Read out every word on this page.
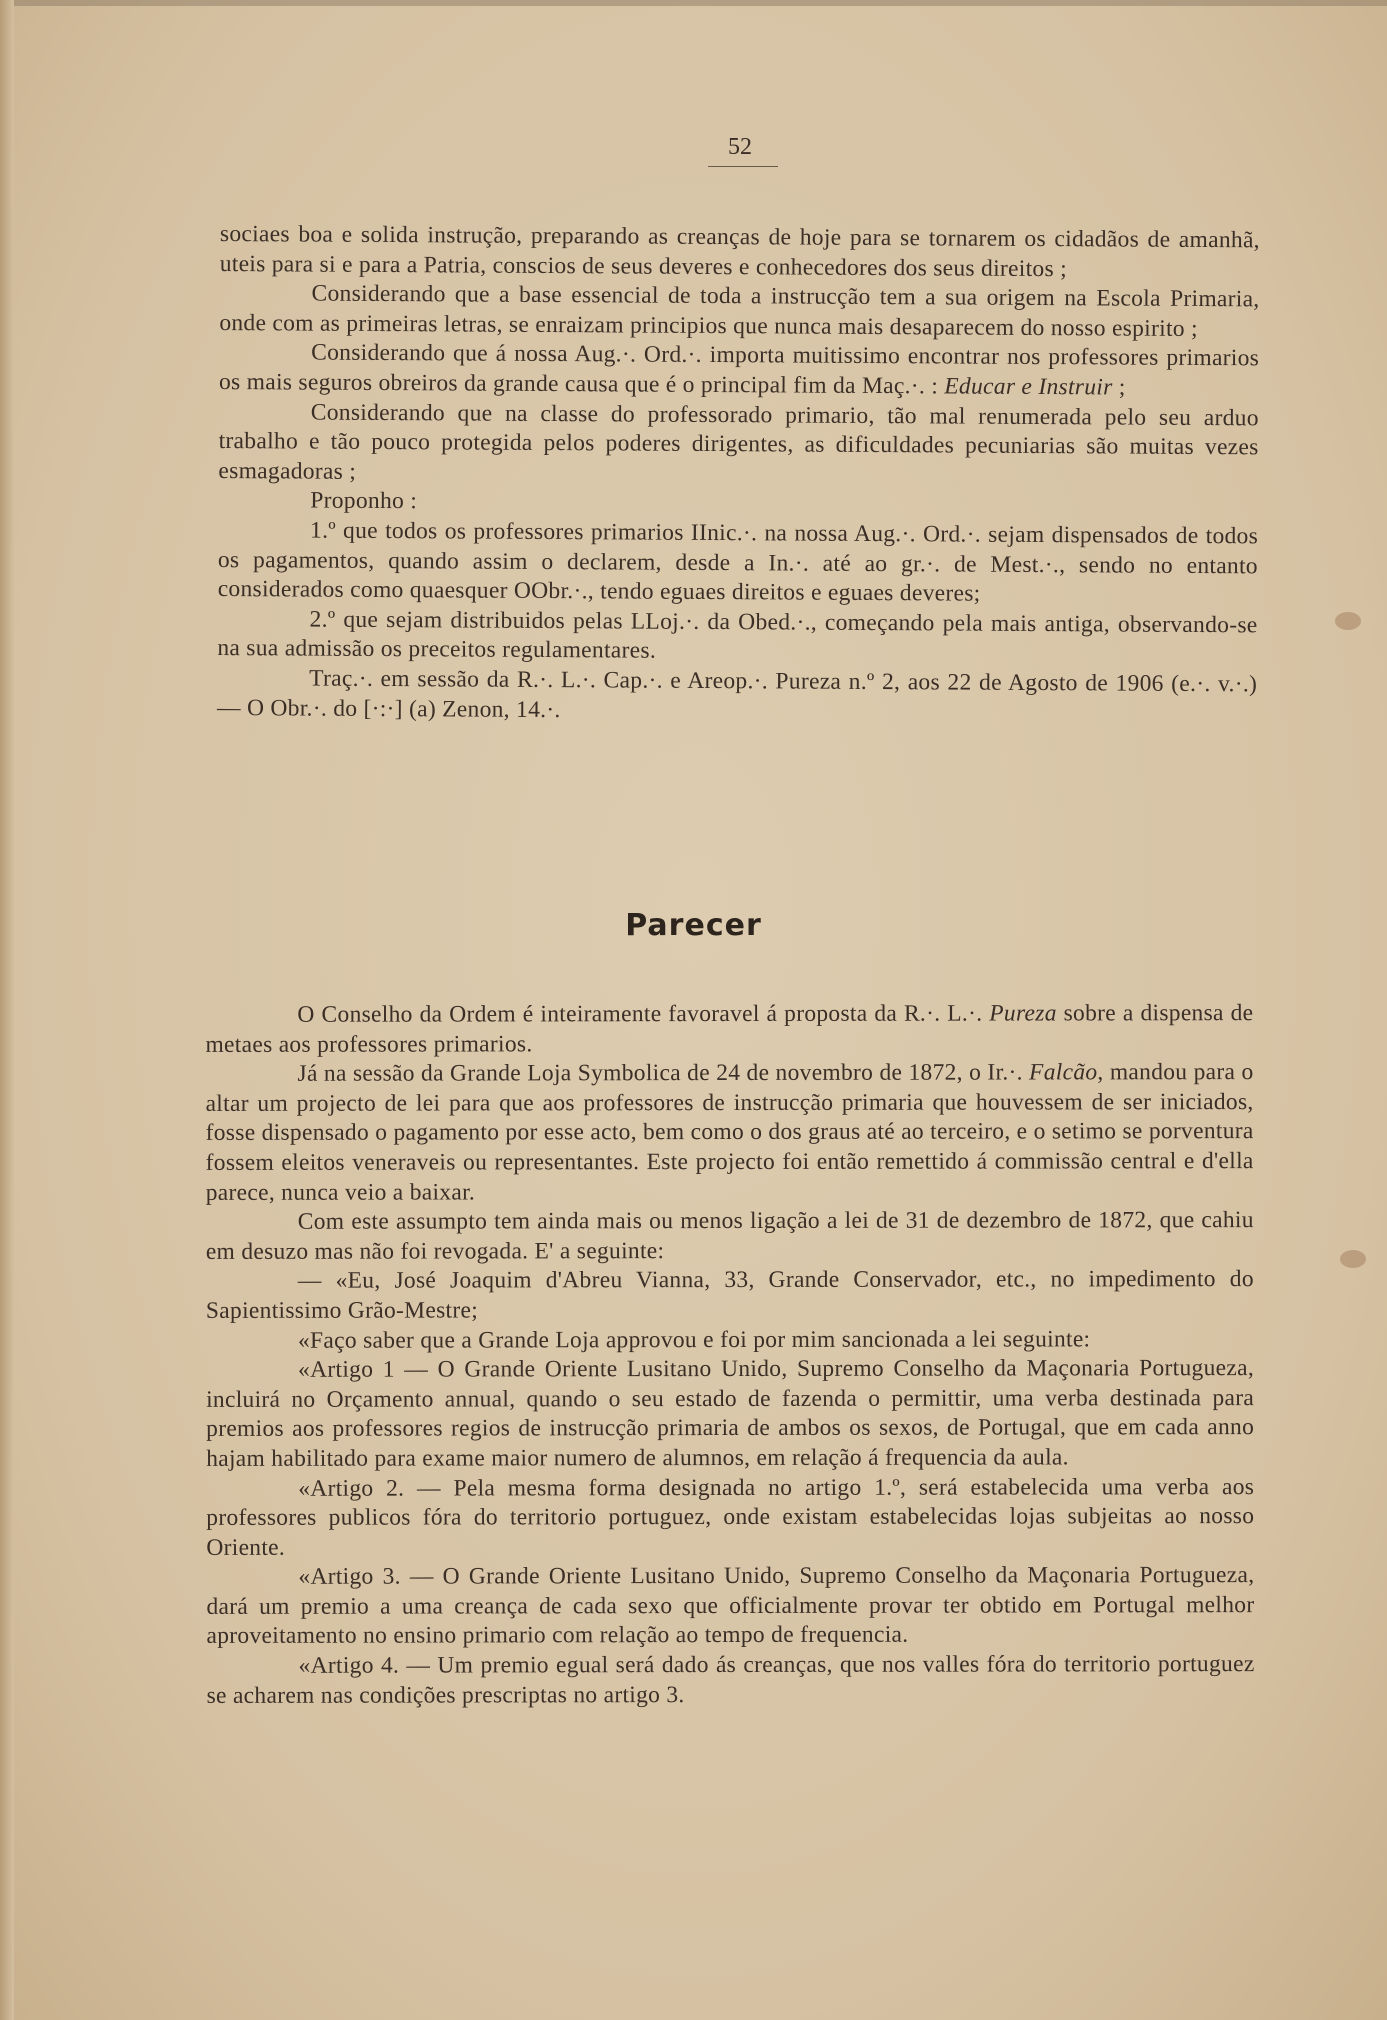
52

sociaes boa e solida instrução, preparando as creanças de hoje para se tornarem os cidadãos de amanhã, uteis para si e para a Patria, conscios de seus deveres e conhecedores dos seus direitos ;

Considerando que a base essencial de toda a instrucção tem a sua origem na Escola Primaria, onde com as primeiras letras, se enraizam principios que nunca mais desaparecem do nosso espirito ;

Considerando que á nossa Aug.·. Ord.·. importa muitissimo encontrar nos professores primarios os mais seguros obreiros da grande causa que é o principal fim da Maç.·. : Educar e Instruir ;

Considerando que na classe do professorado primario, tão mal renumerada pelo seu arduo trabalho e tão pouco protegida pelos poderes dirigentes, as dificuldades pecuniarias são muitas vezes esmagadoras ;

Proponho :

1.º que todos os professores primarios IInic.·. na nossa Aug.·. Ord.·. sejam dispensados de todos os pagamentos, quando assim o declarem, desde a In.·. até ao gr.·. de Mest.·., sendo no entanto considerados como quaesquer OObr.·., tendo eguaes direitos e eguaes deveres;

2.º que sejam distribuidos pelas LLoj.·. da Obed.·., começando pela mais antiga, observando-se na sua admissão os preceitos regulamentares.

Traç.·. em sessão da R.·. L.·. Cap.·. e Areop.·. Pureza n.º 2, aos 22 de Agosto de 1906 (e.·. v.·.) — O Obr.·. do [·:·] (a) Zenon, 14.·.

Parecer

O Conselho da Ordem é inteiramente favoravel á proposta da R.·. L.·. Pureza sobre a dispensa de metaes aos professores primarios.

Já na sessão da Grande Loja Symbolica de 24 de novembro de 1872, o Ir.·. Falcão, mandou para o altar um projecto de lei para que aos professores de instrucção primaria que houvessem de ser iniciados, fosse dispensado o pagamento por esse acto, bem como o dos graus até ao terceiro, e o setimo se porventura fossem eleitos veneraveis ou representantes. Este projecto foi então remettido á commissão central e d'ella parece, nunca veio a baixar.

Com este assumpto tem ainda mais ou menos ligação a lei de 31 de dezembro de 1872, que cahiu em desuzo mas não foi revogada. E' a seguinte:

— «Eu, José Joaquim d'Abreu Vianna, 33, Grande Conservador, etc., no impedimento do Sapientissimo Grão-Mestre;

«Faço saber que a Grande Loja approvou e foi por mim sancionada a lei seguinte:

«Artigo 1 — O Grande Oriente Lusitano Unido, Supremo Conselho da Maçonaria Portugueza, incluirá no Orçamento annual, quando o seu estado de fazenda o permittir, uma verba destinada para premios aos professores regios de instrucção primaria de ambos os sexos, de Portugal, que em cada anno hajam habilitado para exame maior numero de alumnos, em relação á frequencia da aula.

«Artigo 2. — Pela mesma forma designada no artigo 1.º, será estabelecida uma verba aos professores publicos fóra do territorio portuguez, onde existam estabelecidas lojas subjeitas ao nosso Oriente.

«Artigo 3. — O Grande Oriente Lusitano Unido, Supremo Conselho da Maçonaria Portugueza, dará um premio a uma creança de cada sexo que officialmente provar ter obtido em Portugal melhor aproveitamento no ensino primario com relação ao tempo de frequencia.

«Artigo 4. — Um premio egual será dado ás creanças, que nos valles fóra do territorio portuguez se acharem nas condições prescriptas no artigo 3.
